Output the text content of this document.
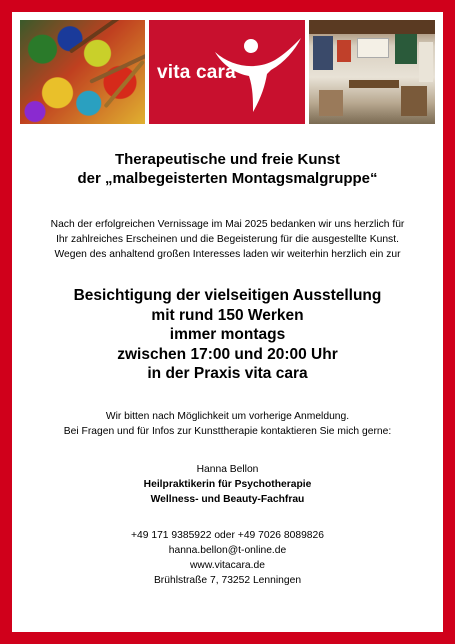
vita cara
Therapeutische und freie Kunst
der „malbegeisterten Montagsmalgruppe“
Nach der erfolgreichen Vernissage im Mai 2025 bedanken wir uns herzlich für
Ihr zahlreiches Erscheinen und die Begeisterung für die ausgestellte Kunst.
Wegen des anhaltend großen Interesses laden wir weiterhin herzlich ein zur
Besichtigung der vielseitigen Ausstellung
mit rund 150 Werken
immer montags
zwischen 17:00 und 20:00 Uhr
in der Praxis vita cara
Wir bitten nach Möglichkeit um vorherige Anmeldung.
Bei Fragen und für Infos zur Kunsttherapie kontaktieren Sie mich gerne:
Hanna Bellon
Heilpraktikerin für Psychotherapie
Wellness- und Beauty-Fachfrau
+49 171 9385922 oder +49 7026 8089826
hanna.bellon@t-online.de
www.vitacara.de
Brühlstraße 7, 73252 Lenningen
